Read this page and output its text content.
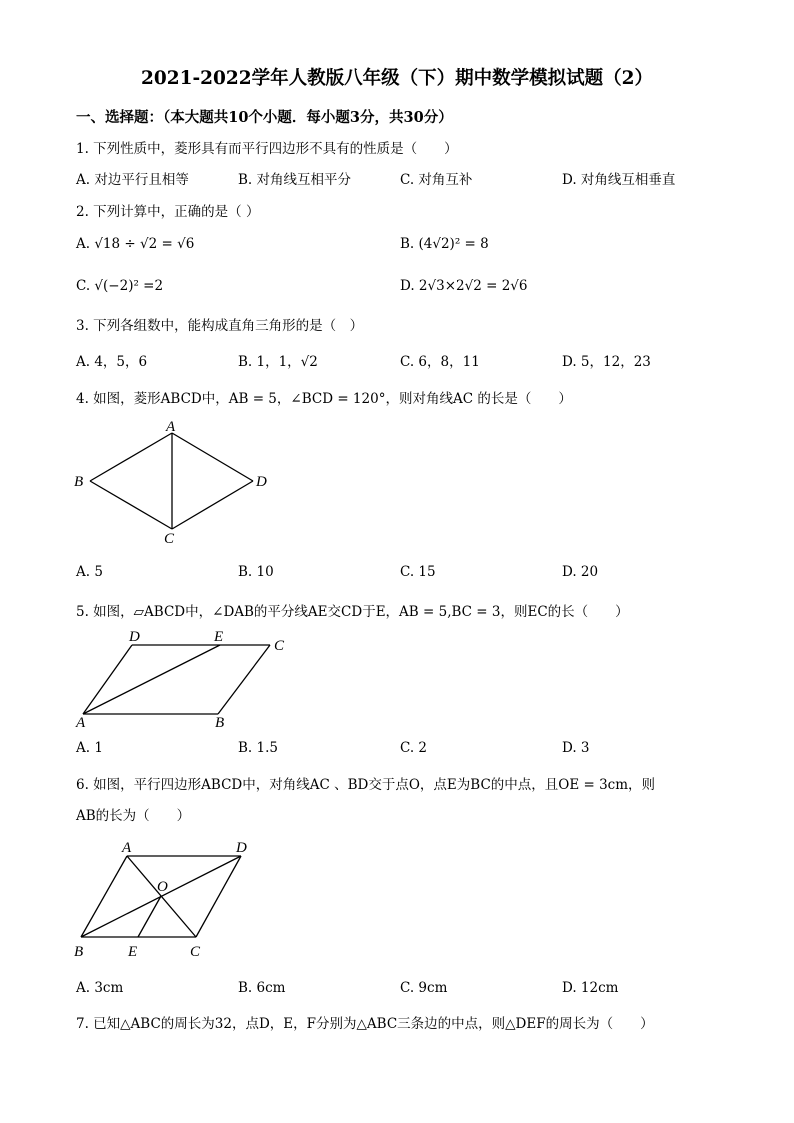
2021-2022学年人教版八年级（下）期中数学模拟试题（2）
一、选择题：（本大题共10个小题．每小题3分，共30分）
1. 下列性质中，菱形具有而平行四边形不具有的性质是（　　）
A. 对边平行且相等	B. 对角线互相平分	C. 对角互补	D. 对角线互相垂直
2. 下列计算中，正确的是（ ）
A. √18 ÷ √2 = √6	B. (4√2)² = 8
C. √(−2)² =2	D. 2√3×2√2 = 2√6
3. 下列各组数中，能构成直角三角形的是（　）
A. 4，5，6	B. 1，1，√2	C. 6，8，11	D. 5，12，23
4. 如图，菱形ABCD中，AB = 5，∠BCD = 120°，则对角线AC 的长是（　　）
A
B
C
D
A. 5	B. 10	C. 15	D. 20
5. 如图，▱ABCD中，∠DAB的平分线AE交CD于E，AB = 5,BC = 3，则EC的长（　　）
D	E
C
A	B
A. 1	B. 1.5	C. 2	D. 3
6. 如图，平行四边形ABCD中，对角线AC 、BD交于点O，点E为BC的中点，且OE = 3cm，则
AB的长为（　　）
A	D
O
B	E	C
A. 3cm	B. 6cm	C. 9cm	D. 12cm
7. 已知△ABC的周长为32，点D，E，F分别为△ABC三条边的中点，则△DEF的周长为（　　）
